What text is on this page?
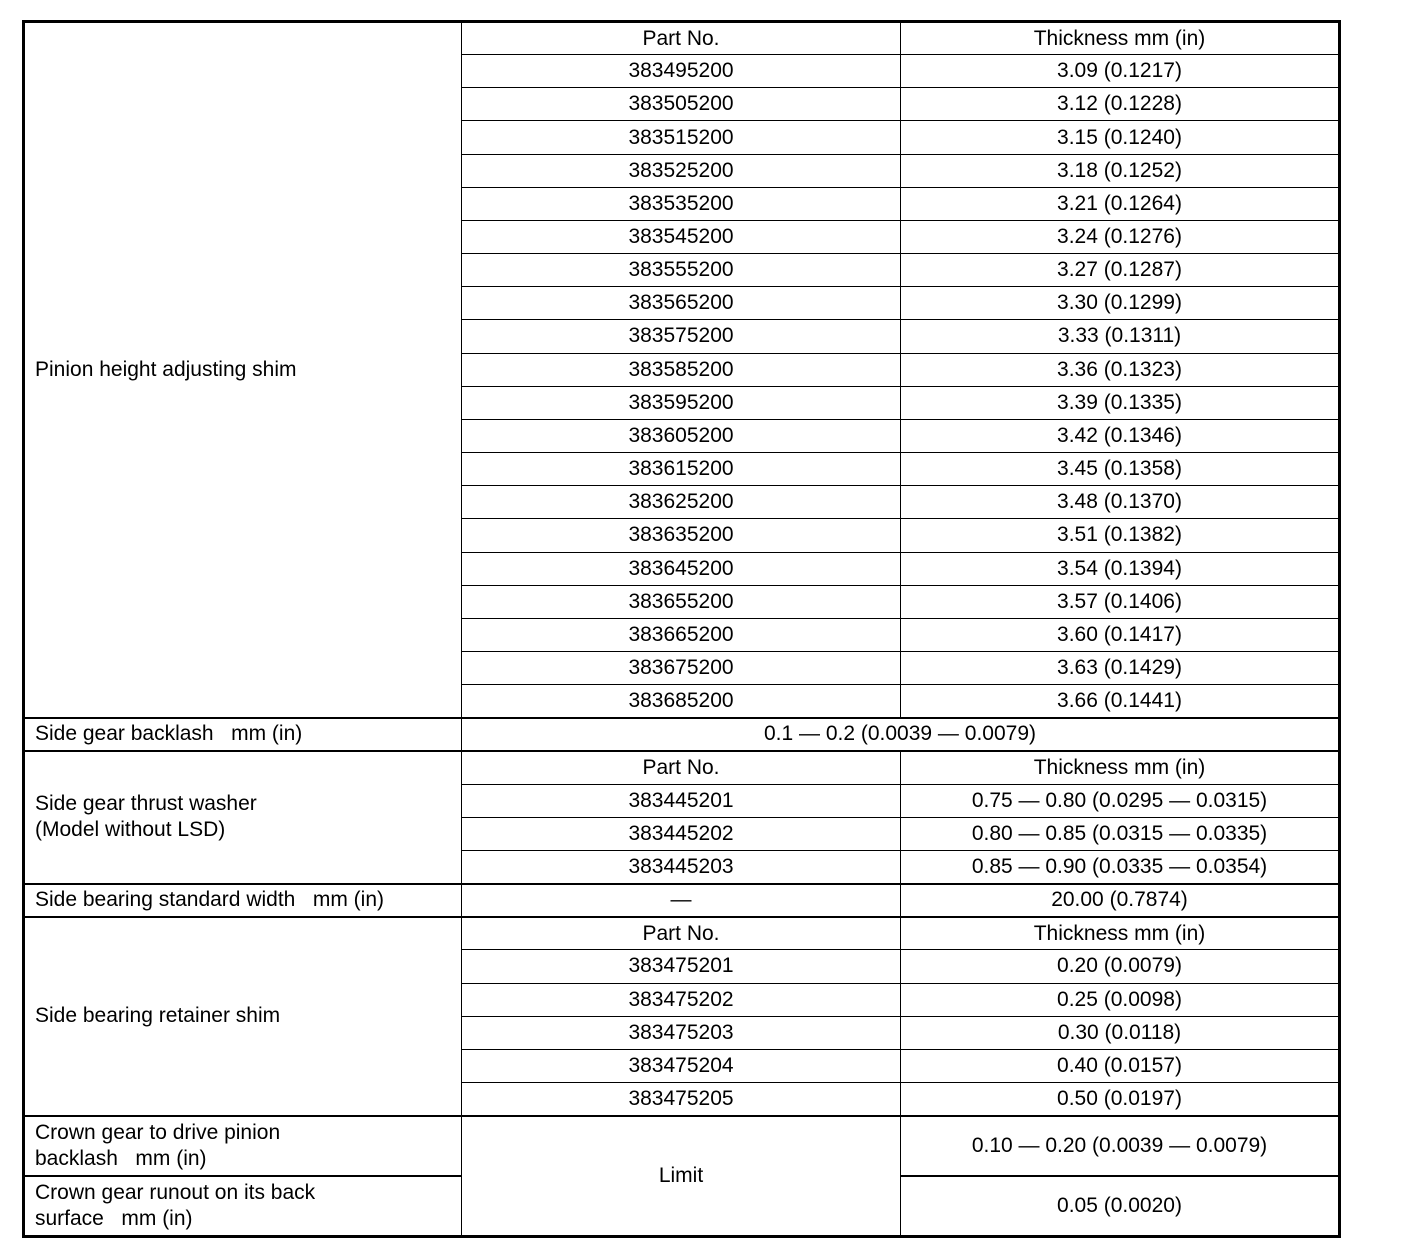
Pinion height adjusting shim	Part No.	Thickness mm (in)
	383495200	3.09 (0.1217)
	383505200	3.12 (0.1228)
	383515200	3.15 (0.1240)
	383525200	3.18 (0.1252)
	383535200	3.21 (0.1264)
	383545200	3.24 (0.1276)
	383555200	3.27 (0.1287)
	383565200	3.30 (0.1299)
	383575200	3.33 (0.1311)
	383585200	3.36 (0.1323)
	383595200	3.39 (0.1335)
	383605200	3.42 (0.1346)
	383615200	3.45 (0.1358)
	383625200	3.48 (0.1370)
	383635200	3.51 (0.1382)
	383645200	3.54 (0.1394)
	383655200	3.57 (0.1406)
	383665200	3.60 (0.1417)
	383675200	3.63 (0.1429)
	383685200	3.66 (0.1441)
Side gear backlash   mm (in)	0.1 — 0.2 (0.0039 — 0.0079)	

Side gear thrust washer
(Model without LSD)	Part No.	Thickness mm (in)
	383445201	0.75 — 0.80 (0.0295 — 0.0315)
	383445202	0.80 — 0.85 (0.0315 — 0.0335)
	383445203	0.85 — 0.90 (0.0335 — 0.0354)
Side bearing standard width   mm (in)	—	20.00 (0.7874)
Side bearing retainer shim	Part No.	Thickness mm (in)
	383475201	0.20 (0.0079)
	383475202	0.25 (0.0098)
	383475203	0.30 (0.0118)
	383475204	0.40 (0.0157)
	383475205	0.50 (0.0197)

Crown gear to drive pinion
backlash   mm (in)	Limit	0.10 — 0.20 (0.0039 — 0.0079)

Crown gear runout on its back
surface   mm (in)		0.05 (0.0020)
